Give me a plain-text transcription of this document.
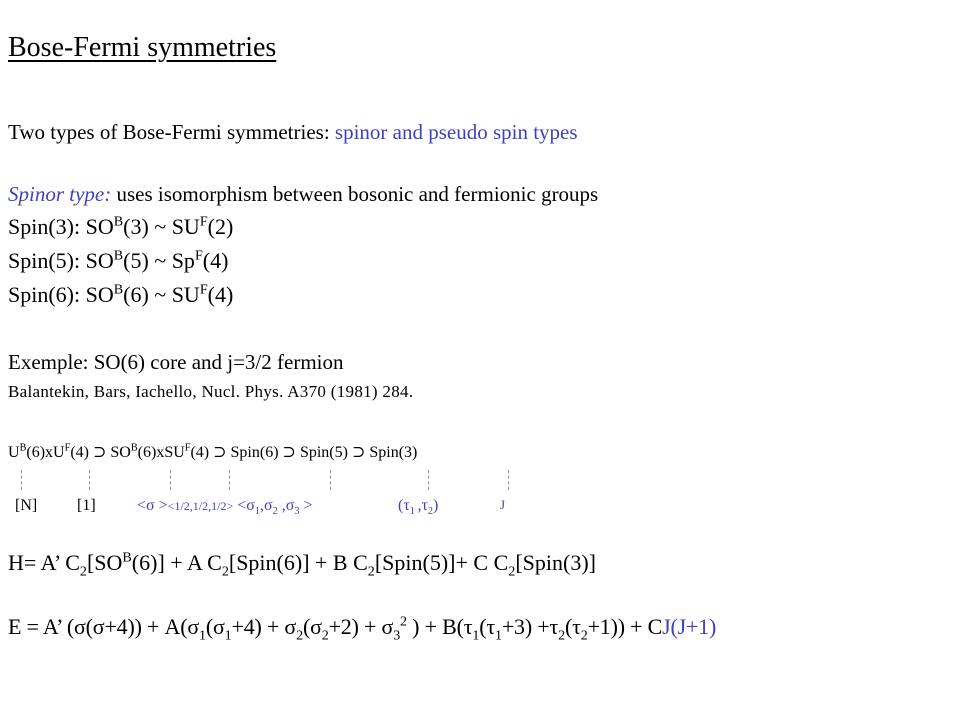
Bose-Fermi symmetries
Two types of Bose-Fermi symmetries: spinor and pseudo spin types
Spinor type: uses isomorphism between bosonic and fermionic groups
Spin(3): $SO^B(3)$ ~ $SU^F(2)$
Spin(5): $SO^B(5)$ ~ $Sp^F(4)$
Spin(6): $SO^B(6)$ ~ $SU^F(4)$
Exemple: SO(6) core and j=3/2 fermion
Balantekin, Bars, Iachello, Nucl. Phys. A370 (1981) 284.
$U^B(6)xU^F(4)$ ⊃ $SO^B(6)xSU^F(4)$ ⊃ Spin(6) ⊃ Spin(5) ⊃ Spin(3)
[N] [1]	$<\sigma ><1/2,1/2,1/2> <\sigma_1,\sigma_2$ $,\sigma_3$ >	($\tau_1$ $,\tau_2$)	J
H= A’ $C_2[SO^B(6)] + A$ $C_2[Spin(6)] + B$ $C_2[Spin(5)]+ C$ $C_2[Spin(3)]$
E = A’ $(\sigma(\sigma+4)) + A(\sigma_1(\sigma_1+4) + \sigma_2(\sigma_2+2) + \sigma_3^2$ ) + $B(\tau_1(\tau_1+3) +\tau_2(\tau_2+1)) + CJ(J+1)$
